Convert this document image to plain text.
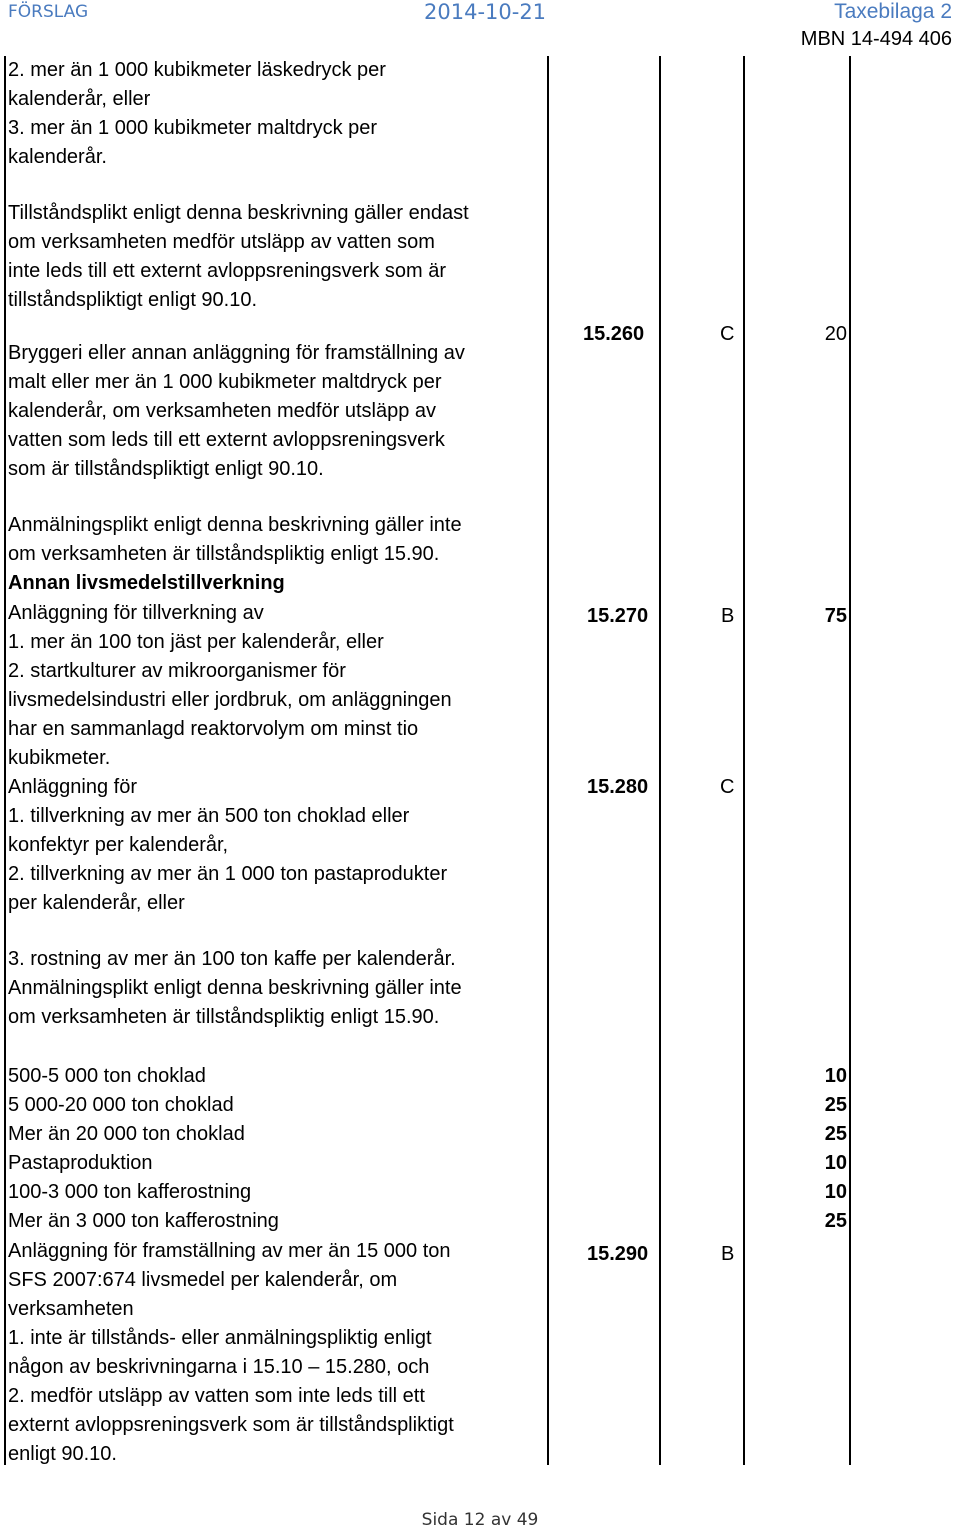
FÖRSLAG	2014-10-21	Taxebilaga 2
MBN 14-494 406
2. mer än 1 000 kubikmeter läskedryck per
kalenderår, eller
3. mer än 1 000 kubikmeter maltdryck per
kalenderår.
Tillståndsplikt enligt denna beskrivning gäller endast
om verksamheten medför utsläpp av vatten som
inte leds till ett externt avloppsreningsverk som är
tillståndspliktigt enligt 90.10.
Bryggeri eller annan anläggning för framställning av
malt eller mer än 1 000 kubikmeter maltdryck per
kalenderår, om verksamheten medför utsläpp av
vatten som leds till ett externt avloppsreningsverk
som är tillståndspliktigt enligt 90.10.
Anmälningsplikt enligt denna beskrivning gäller inte
om verksamheten är tillståndspliktig enligt 15.90.
Annan livsmedelstillverkning
Anläggning för tillverkning av
1. mer än 100 ton jäst per kalenderår, eller
2. startkulturer av mikroorganismer för
livsmedelsindustri eller jordbruk, om anläggningen
har en sammanlagd reaktorvolym om minst tio
kubikmeter.
Anläggning för
1. tillverkning av mer än 500 ton choklad eller
konfektyr per kalenderår,
2. tillverkning av mer än 1 000 ton pastaprodukter
per kalenderår, eller
3. rostning av mer än 100 ton kaffe per kalenderår.
Anmälningsplikt enligt denna beskrivning gäller inte
om verksamheten är tillståndspliktig enligt 15.90.
500-5 000 ton choklad
5 000-20 000 ton choklad
Mer än 20 000 ton choklad
Pastaproduktion
100-3 000 ton kafferostning
Mer än 3 000 ton kafferostning
Anläggning för framställning av mer än 15 000 ton
SFS 2007:674 livsmedel per kalenderår, om
verksamheten
1. inte är tillstånds- eller anmälningspliktig enligt
någon av beskrivningarna i 15.10 – 15.280, och
2. medför utsläpp av vatten som inte leds till ett
externt avloppsreningsverk som är tillståndspliktigt
enligt 90.10.
15.260
15.270
15.280
15.290
C
B
C
B
20
75
10
25
25
10
10
25
Sida 12 av 49
